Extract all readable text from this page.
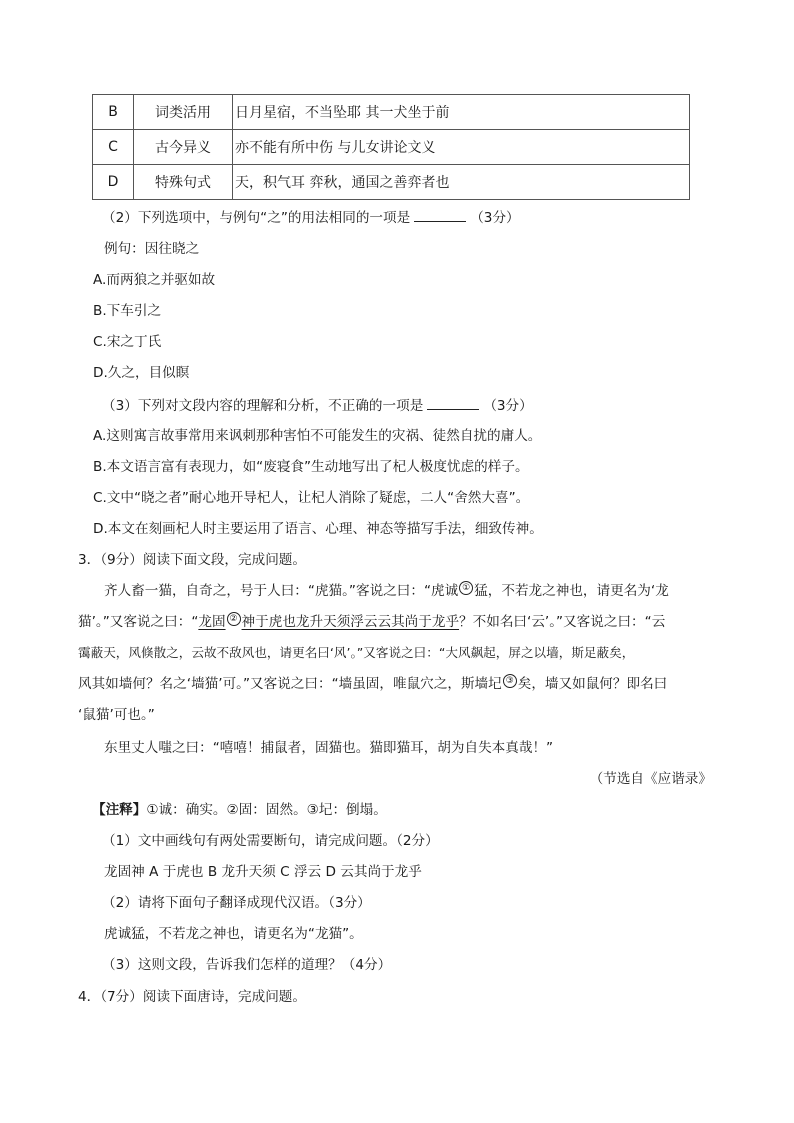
B	词类活用	日月星宿，不当坠耶 其一犬坐于前
C	古今异义	亦不能有所中伤 与儿女讲论文义
D	特殊句式	天，积气耳 弈秋，通国之善弈者也
（2）下列选项中，与例句“之”的用法相同的一项是	（3分）
例句：因往晓之
A.而两狼之并驱如故
B.下车引之
C.宋之丁氏
D.久之，目似瞑
（3）下列对文段内容的理解和分析，不正确的一项是	（3分）
A.这则寓言故事常用来讽刺那种害怕不可能发生的灾祸、徒然自扰的庸人。
B.本文语言富有表现力，如“废寝食”生动地写出了杞人极度忧虑的样子。
C.文中“晓之者”耐心地开导杞人，让杞人消除了疑虑，二人“舍然大喜”。
D.本文在刻画杞人时主要运用了语言、心理、神态等描写手法，细致传神。
3．（9分）阅读下面文段，完成问题。
齐人畜一猫，自奇之，号于人曰：“虎猫。”客说之曰：“虎诚 ① 猛，不若龙之神也，请更名为‘龙
猫’。”又客说之曰：“龙固 ② 神于虎也龙升天须浮云云其尚于龙乎？不如名曰‘云’。”又客说之曰：“云
霭蔽天，风倏散之，云故不敌风也，请更名曰‘风’。”又客说之曰：“大风飙起，屏之以墙，斯足蔽矣，
风其如墙何？名之‘墙猫’可。”又客说之曰：“墙虽固，唯鼠穴之，斯墙圮 ③ 矣，墙又如鼠何？即名曰
‘鼠猫’可也。”
东里丈人嗤之曰：“嘻嘻！捕鼠者，固猫也。猫即猫耳，胡为自失本真哉！”
（节选自《应谐录》
【注释】①诚：确实。②固：固然。③圮：倒塌。
（1）文中画线句有两处需要断句，请完成问题。（2分）
龙固神 A 于虎也 B 龙升天须 C 浮云 D 云其尚于龙乎
（2）请将下面句子翻译成现代汉语。（3分）
虎诚猛，不若龙之神也，请更名为“龙猫”。
（3）这则文段，告诉我们怎样的道理？（4分）
4．（7分）阅读下面唐诗，完成问题。
